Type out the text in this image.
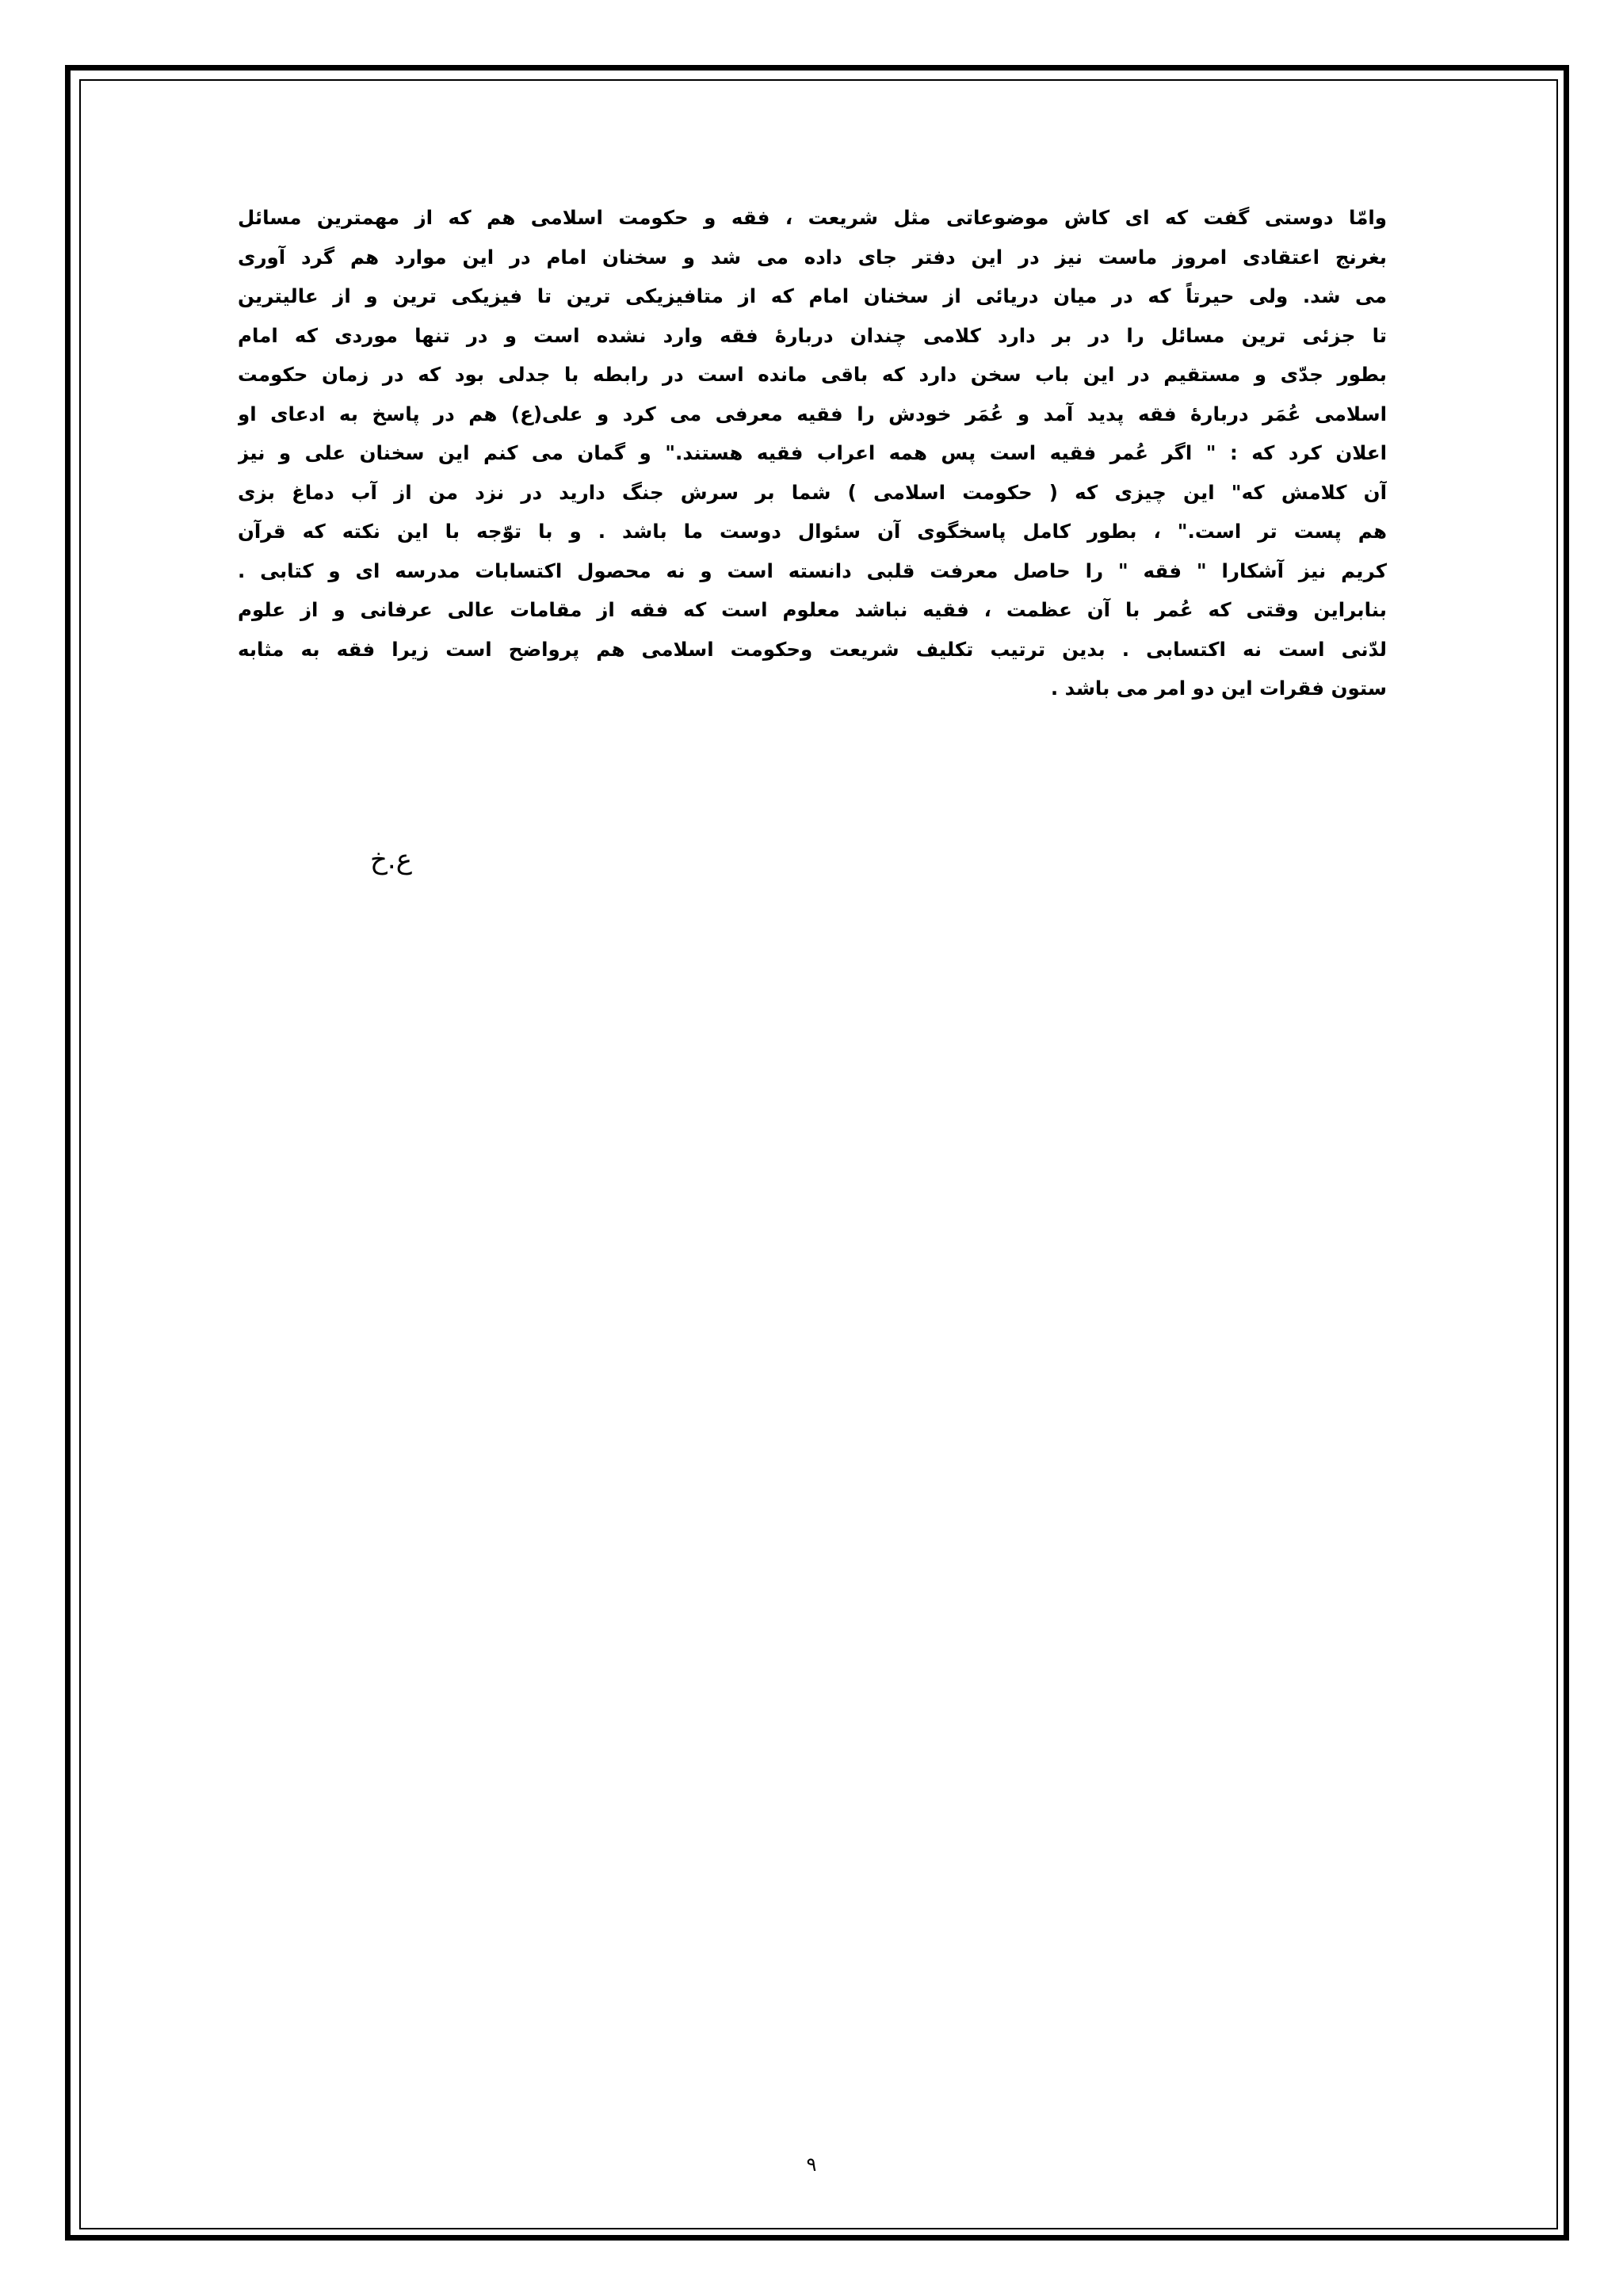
وامّا دوستی گفت که ای کاش موضوعاتی مثل شریعت ، فقه و حکومت اسلامی هم که از مهمترین مسائل
بغرنج اعتقادی امروز ماست نیز در این دفتر جای داده می شد و سخنان امام در این موارد هم گرد آوری
می شد. ولی حیرتاً که در میان دریائی از سخنان امام که از متافیزیکی ترین تا فیزیکی ترین و از عالیترین
تا جزئی ترین مسائل را در بر دارد کلامی چندان دربارهٔ فقه وارد نشده است و در تنها موردی که امام
بطور جدّی و مستقیم در این باب سخن دارد که باقی مانده است در رابطه با جدلی بود که در زمان حکومت
اسلامی عُمَر دربارهٔ فقه پدید آمد و عُمَر خودش را فقیه معرفی می کرد و علی(ع) هم در پاسخ به ادعای او
اعلان کرد که : " اگر عُمر فقیه است پس همه اعراب فقیه هستند." و گمان می کنم این سخنان علی و نیز
آن کلامش که" این چیزی که ( حکومت اسلامی ) شما بر سرش جنگ دارید در نزد من از آب دماغ بزی
هم پست تر است." ، بطور کامل پاسخگوی آن سئوال دوست ما باشد . و با توّجه با این نکته که قرآن
کریم نیز آشکارا " فقه " را حاصل معرفت قلبی دانسته است و نه محصول اکتسابات مدرسه ای و کتابی .
بنابراین وقتی که عُمر با آن عظمت ، فقیه نباشد معلوم است که فقه از مقامات عالی عرفانی و از علوم
لدّنی است نه اکتسابی . بدین ترتیب تکلیف شریعت وحکومت اسلامی هم پرواضح است زیرا فقه به مثابه
ستون فقرات این دو امر می باشد .
ع.خ
۹
